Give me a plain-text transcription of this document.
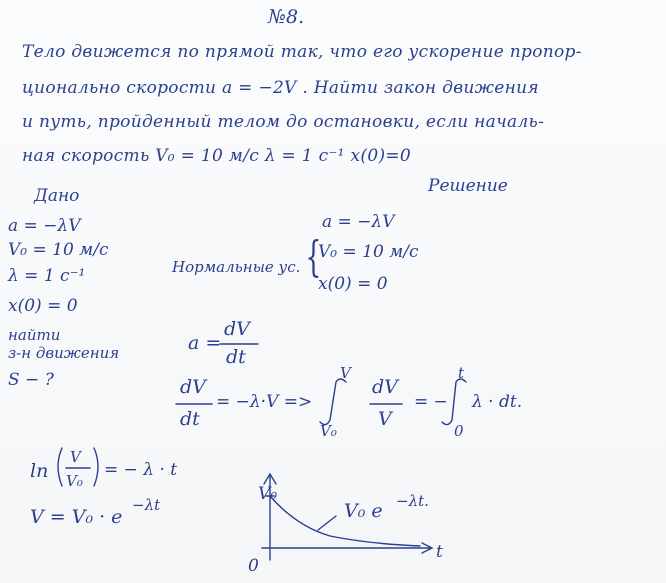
№8.
Тело движется по прямой так, что его ускорение пропор-
ционально скорости a = −2V . Найти закон движения
и путь, пройденный телом до остановки, если началь-
ная скорость V₀ = 10 м/с λ = 1 с⁻¹ x(0)=0
Дано
a = −λV
V₀ = 10 м/с
λ = 1 с⁻¹
x(0) = 0
найти
з-н движения
S − ?
Решение
a = −λV
Нормальные ус. {
V₀ = 10 м/с
x(0) = 0
a =
dV
dt
dV
dt
= −λ·V =>
V
V₀
dV
V
= −
t
0
λ · dt.
ln
V
V₀
= − λ · t
V = V₀ · e
−λt
V₀
0
t
V₀ e −λt.
